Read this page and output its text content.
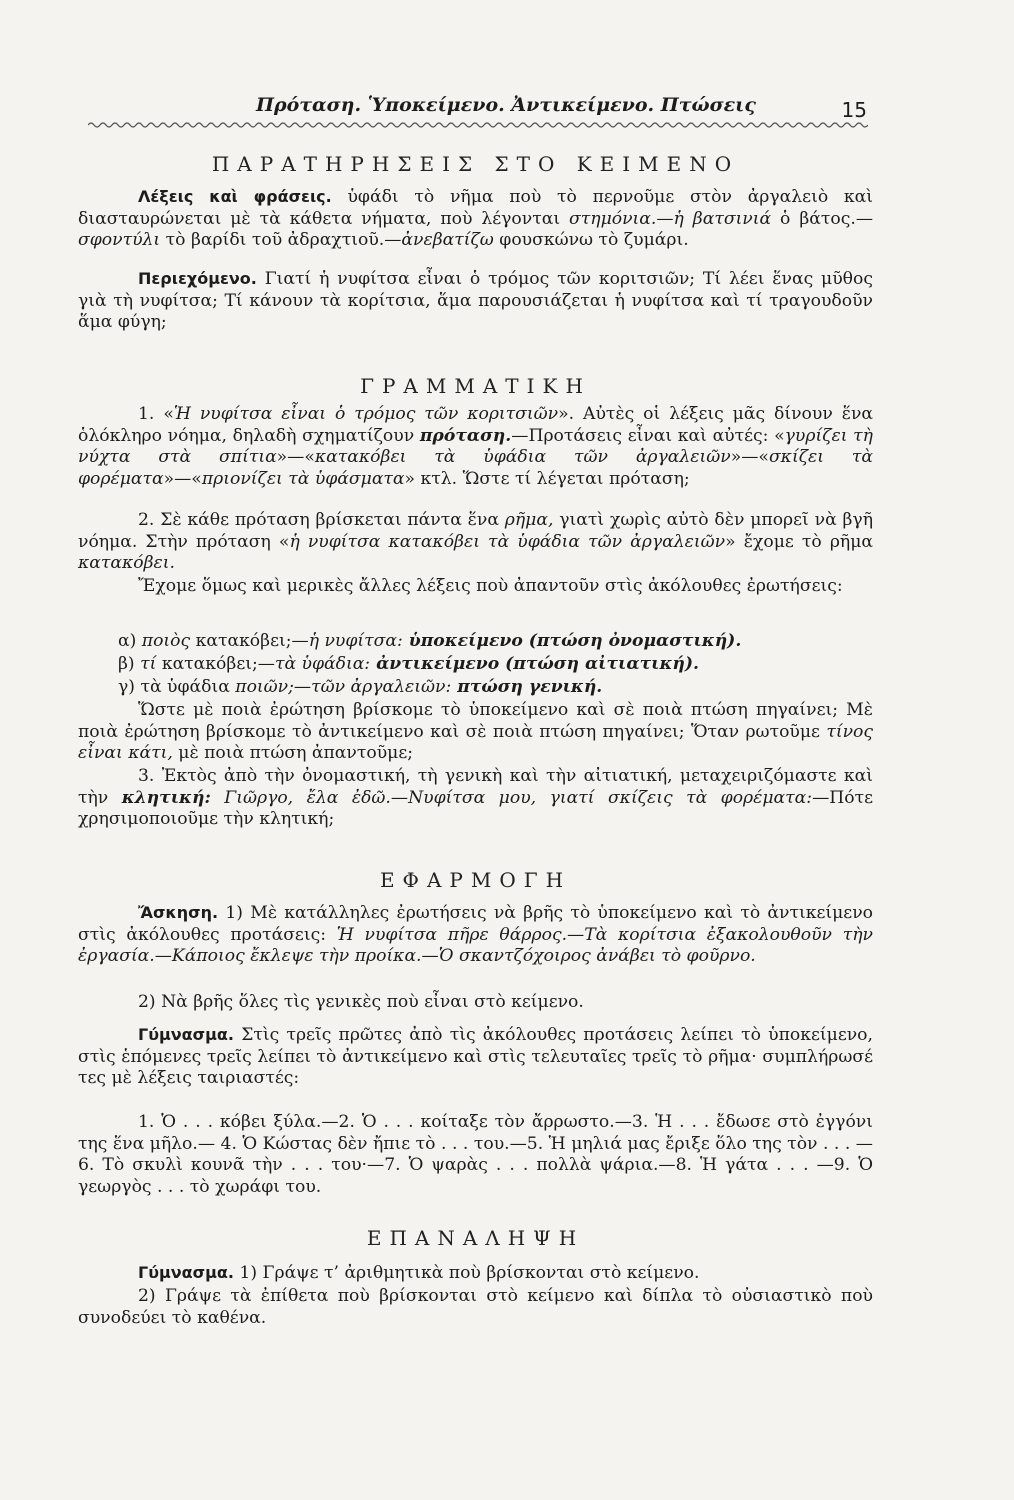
Πρόταση. Ὑποκείμενο. Ἀντικείμενο. Πτώσεις	15
ΠΑΡΑΤΗΡΗΣΕΙΣ ΣΤΟ ΚΕΙΜΕΝΟ
Λέξεις καὶ φράσεις. ὑφάδι τὸ νῆμα ποὺ τὸ περνοῦμε στὸν ἀργαλειὸ καὶ διασταυρώνεται μὲ τὰ κάθετα νήματα, ποὺ λέγονται στημόνια.—ἡ βατσινιά ὁ βάτος.—σφοντύλι τὸ βαρίδι τοῦ ἀδραχτιοῦ.—ἀνεβατίζω φουσκώνω τὸ ζυμάρι.
Περιεχόμενο. Γιατί ἡ νυφίτσα εἶναι ὁ τρόμος τῶν κοριτσιῶν; Τί λέει ἕνας μῦθος γιὰ τὴ νυφίτσα; Τί κάνουν τὰ κορίτσια, ἅμα παρουσιάζεται ἡ νυφίτσα καὶ τί τραγουδοῦν ἅμα φύγη;
ΓΡΑΜΜΑΤΙΚΗ
1. «Ἡ νυφίτσα εἶναι ὁ τρόμος τῶν κοριτσιῶν». Αὐτὲς οἱ λέξεις μᾶς δίνουν ἕνα ὁλόκληρο νόημα, δηλαδὴ σχηματίζουν πρόταση.—Προτάσεις εἶναι καὶ αὐτές: «γυρίζει τὴ νύχτα στὰ σπίτια»—«κατακόβει τὰ ὑφάδια τῶν ἀργαλειῶν»—«σκίζει τὰ φορέματα»—«πριονίζει τὰ ὑφάσματα» κτλ. Ὥστε τί λέγεται πρόταση;
2. Σὲ κάθε πρόταση βρίσκεται πάντα ἕνα ρῆμα, γιατὶ χωρὶς αὐτὸ δὲν μπορεῖ νὰ βγῆ νόημα. Στὴν πρόταση «ἡ νυφίτσα κατακόβει τὰ ὑφάδια τῶν ἀργαλειῶν» ἔχομε τὸ ρῆμα κατακόβει.
Ἔχομε ὅμως καὶ μερικὲς ἄλλες λέξεις ποὺ ἀπαντοῦν στὶς ἀκόλουθες ἐρωτήσεις:
α) ποιὸς κατακόβει;—ἡ νυφίτσα: ὑποκείμενο (πτώση ὀνομαστική).
β) τί κατακόβει;—τὰ ὑφάδια: ἀντικείμενο (πτώση αἰτιατική).
γ) τὰ ὑφάδια ποιῶν;—τῶν ἀργαλειῶν: πτώση γενική.
Ὥστε μὲ ποιὰ ἐρώτηση βρίσκομε τὸ ὑποκείμενο καὶ σὲ ποιὰ πτώση πηγαίνει; Μὲ ποιὰ ἐρώτηση βρίσκομε τὸ ἀντικείμενο καὶ σὲ ποιὰ πτώση πηγαίνει; Ὅταν ρωτοῦμε τίνος εἶναι κάτι, μὲ ποιὰ πτώση ἀπαντοῦμε;
3. Ἐκτὸς ἀπὸ τὴν ὀνομαστική, τὴ γενικὴ καὶ τὴν αἰτιατική, μεταχειριζόμαστε καὶ τὴν κλητική: Γιῶργο, ἔλα ἐδῶ.—Νυφίτσα μου, γιατί σκίζεις τὰ φορέματα:—Πότε χρησιμοποιοῦμε τὴν κλητική;
ΕΦΑΡΜΟΓΗ
Ἄσκηση. 1) Μὲ κατάλληλες ἐρωτήσεις νὰ βρῆς τὸ ὑποκείμενο καὶ τὸ ἀντικείμενο στὶς ἀκόλουθες προτάσεις: Ἡ νυφίτσα πῆρε θάρρος.—Τὰ κορίτσια ἐξακολουθοῦν τὴν ἐργασία.—Κάποιος ἔκλεψε τὴν προίκα.—Ὁ σκαντζόχοιρος ἀνάβει τὸ φοῦρνο.
2) Νὰ βρῆς ὅλες τὶς γενικὲς ποὺ εἶναι στὸ κείμενο.
Γύμνασμα. Στὶς τρεῖς πρῶτες ἀπὸ τὶς ἀκόλουθες προτάσεις λείπει τὸ ὑποκείμενο, στὶς ἑπόμενες τρεῖς λείπει τὸ ἀντικείμενο καὶ στὶς τελευταῖες τρεῖς τὸ ρῆμα· συμπλήρωσέ τες μὲ λέξεις ταιριαστές:
1. Ὁ . . . κόβει ξύλα.—2. Ὁ . . . κοίταξε τὸν ἄρρωστο.—3. Ἡ . . . ἔδωσε στὸ ἐγγόνι της ἕνα μῆλο.— 4. Ὁ Κώστας δὲν ἤπιε τὸ . . . του.—5. Ἡ μηλιά μας ἔριξε ὅλο της τὸν . . . —6. Τὸ σκυλὶ κουνᾶ τὴν . . . του·—7. Ὁ ψαρὰς . . . πολλὰ ψάρια.—8. Ἡ γάτα . . . —9. Ὁ γεωργὸς . . . τὸ χωράφι του.
ΕΠΑΝΑΛΗΨΗ
Γύμνασμα. 1) Γράψε τ’ ἀριθμητικὰ ποὺ βρίσκονται στὸ κείμενο.
2) Γράψε τὰ ἐπίθετα ποὺ βρίσκονται στὸ κείμενο καὶ δίπλα τὸ οὐσιαστικὸ ποὺ συνοδεύει τὸ καθένα.
